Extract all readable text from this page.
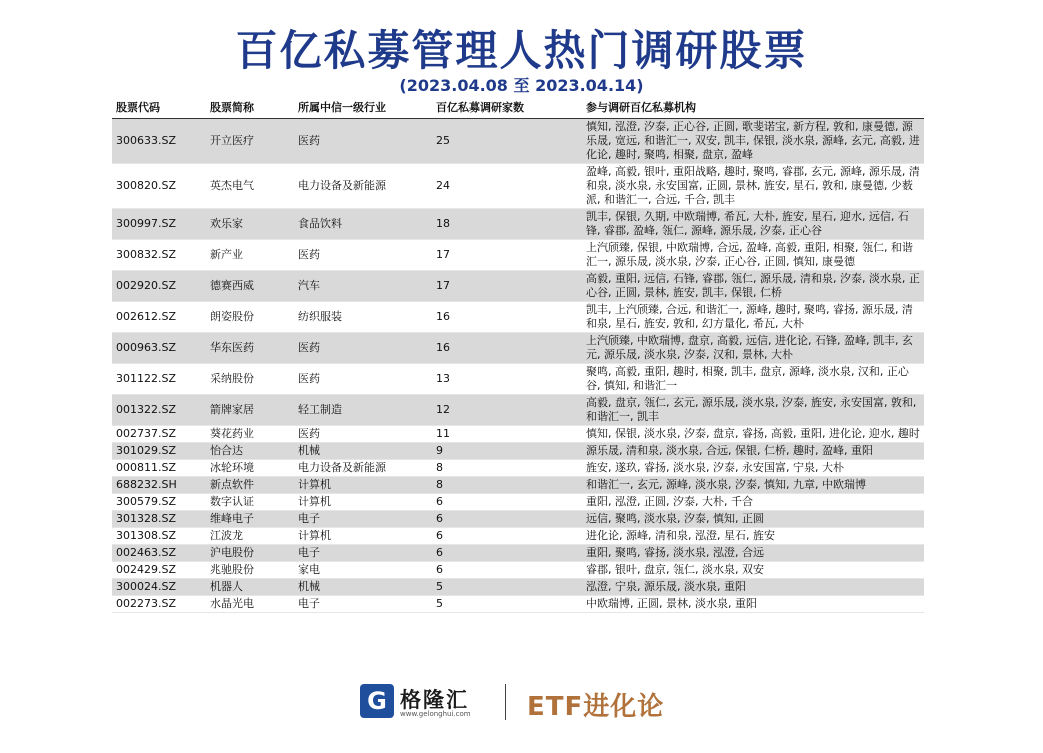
百亿私募管理人热门调研股票
(2023.04.08 至 2023.04.14)
股票代码	股票简称	所属中信一级行业	百亿私募调研家数	参与调研百亿私募机构
300633.SZ	开立医疗	医药	25	慎知, 泓澄, 汐泰, 正心谷, 正圆, 歌斐诺宝, 新方程, 敦和, 康曼德, 源乐晟, 宽远, 和谐汇一, 双安, 凯丰, 保银, 淡水泉, 源峰, 玄元, 高毅, 进化论, 趣时, 聚鸣, 相聚, 盘京, 盈峰
300820.SZ	英杰电气	电力设备及新能源	24	盈峰, 高毅, 银叶, 重阳战略, 趣时, 聚鸣, 睿郡, 玄元, 源峰, 源乐晟, 清和泉, 淡水泉, 永安国富, 正圆, 景林, 旌安, 星石, 敦和, 康曼德, 少薮派, 和谐汇一, 合远, 千合, 凯丰
300997.SZ	欢乐家	食品饮料	18	凯丰, 保银, 久期, 中欧瑞博, 希瓦, 大朴, 旌安, 星石, 迎水, 远信, 石锋, 睿郡, 盈峰, 瓴仁, 源峰, 源乐晟, 汐泰, 正心谷
300832.SZ	新产业	医药	17	上汽颀臻, 保银, 中欧瑞博, 合远, 盈峰, 高毅, 重阳, 相聚, 瓴仁, 和谐汇一, 源乐晟, 淡水泉, 汐泰, 正心谷, 正圆, 慎知, 康曼德
002920.SZ	德赛西威	汽车	17	高毅, 重阳, 远信, 石锋, 睿郡, 瓴仁, 源乐晟, 清和泉, 汐泰, 淡水泉, 正心谷, 正圆, 景林, 旌安, 凯丰, 保银, 仁桥
002612.SZ	朗姿股份	纺织服装	16	凯丰, 上汽颀臻, 合远, 和谐汇一, 源峰, 趣时, 聚鸣, 睿扬, 源乐晟, 清和泉, 星石, 旌安, 敦和, 幻方量化, 希瓦, 大朴
000963.SZ	华东医药	医药	16	上汽颀臻, 中欧瑞博, 盘京, 高毅, 远信, 进化论, 石锋, 盈峰, 凯丰, 玄元, 源乐晟, 淡水泉, 汐泰, 汉和, 景林, 大朴
301122.SZ	采纳股份	医药	13	聚鸣, 高毅, 重阳, 趣时, 相聚, 凯丰, 盘京, 源峰, 淡水泉, 汉和, 正心谷, 慎知, 和谐汇一
001322.SZ	箭牌家居	轻工制造	12	高毅, 盘京, 瓴仁, 玄元, 源乐晟, 淡水泉, 汐泰, 旌安, 永安国富, 敦和, 和谐汇一, 凯丰
002737.SZ	葵花药业	医药	11	慎知, 保银, 淡水泉, 汐泰, 盘京, 睿扬, 高毅, 重阳, 进化论, 迎水, 趣时
301029.SZ	怡合达	机械	9	源乐晟, 清和泉, 淡水泉, 合远, 保银, 仁桥, 趣时, 盈峰, 重阳
000811.SZ	冰轮环境	电力设备及新能源	8	旌安, 遂玖, 睿扬, 淡水泉, 汐泰, 永安国富, 宁泉, 大朴
688232.SH	新点软件	计算机	8	和谐汇一, 玄元, 源峰, 淡水泉, 汐泰, 慎知, 九章, 中欧瑞博
300579.SZ	数字认证	计算机	6	重阳, 泓澄, 正圆, 汐泰, 大朴, 千合
301328.SZ	维峰电子	电子	6	远信, 聚鸣, 淡水泉, 汐泰, 慎知, 正圆
301308.SZ	江波龙	计算机	6	进化论, 源峰, 清和泉, 泓澄, 星石, 旌安
002463.SZ	沪电股份	电子	6	重阳, 聚鸣, 睿扬, 淡水泉, 泓澄, 合远
002429.SZ	兆驰股份	家电	6	睿郡, 银叶, 盘京, 瓴仁, 淡水泉, 双安
300024.SZ	机器人	机械	5	泓澄, 宁泉, 源乐晟, 淡水泉, 重阳
002273.SZ	水晶光电	电子	5	中欧瑞博, 正圆, 景林, 淡水泉, 重阳
G 格隆汇
www.gelonghui.com ETF进化论
